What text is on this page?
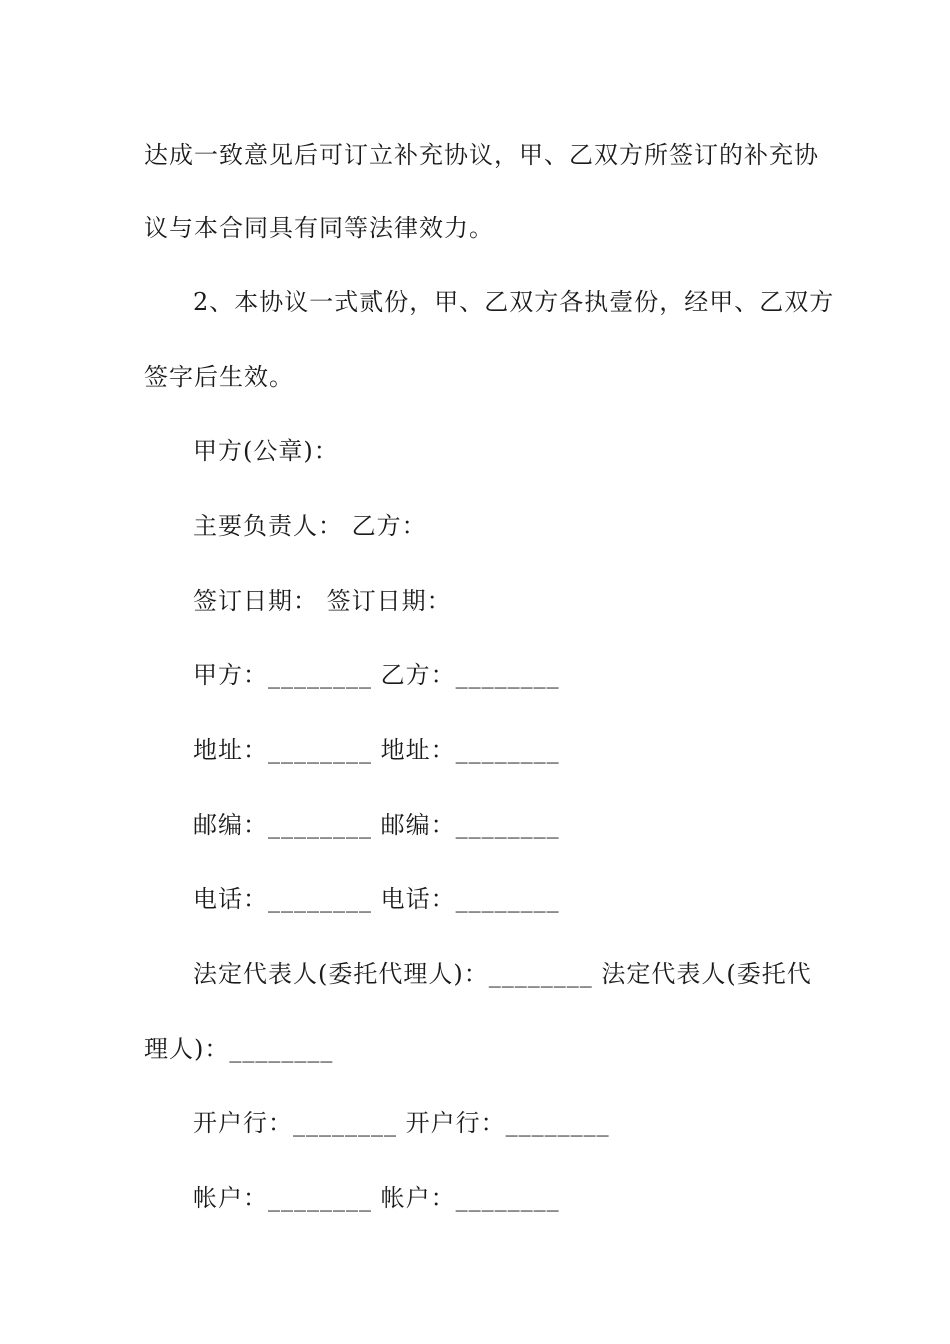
达成一致意见后可订立补充协议，甲、乙双方所签订的补充协
议与本合同具有同等法律效力。
2、本协议一式贰份，甲、乙双方各执壹份，经甲、乙双方
签字后生效。
甲方(公章)：
主要负责人： 乙方：
签订日期： 签订日期：
甲方：________ 乙方：________
地址：________ 地址：________
邮编：________ 邮编：________
电话：________ 电话：________
法定代表人(委托代理人)：________ 法定代表人(委托代
理人)：________
开户行：________ 开户行：________
帐户：________ 帐户：________
